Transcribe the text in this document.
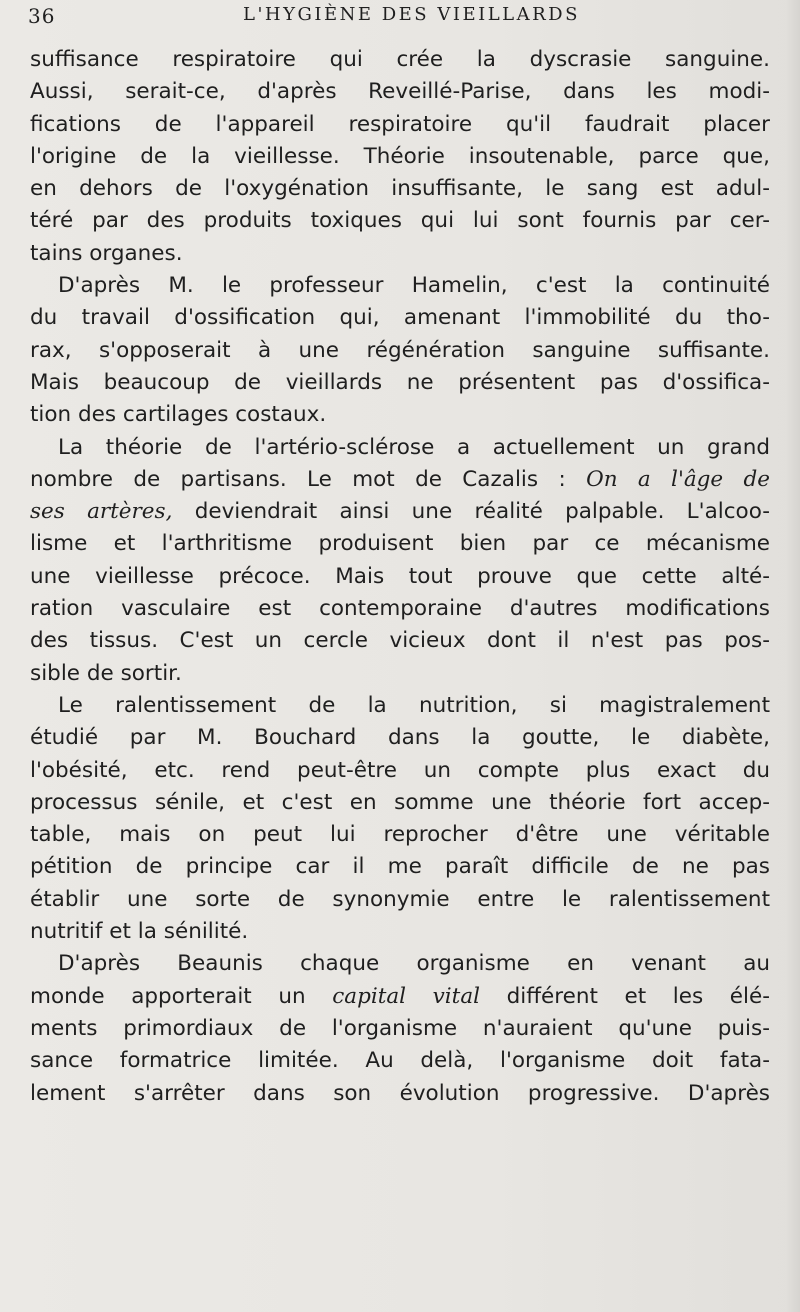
36	L'HYGIÈNE DES VIEILLARDS
suffisance respiratoire qui crée la dyscrasie sanguine.
Aussi, serait-ce, d'après Reveillé-Parise, dans les modi-
fications de l'appareil respiratoire qu'il faudrait placer
l'origine de la vieillesse. Théorie insoutenable, parce que,
en dehors de l'oxygénation insuffisante, le sang est adul-
téré par des produits toxiques qui lui sont fournis par cer-
tains organes.
D'après M. le professeur Hamelin, c'est la continuité
du travail d'ossification qui, amenant l'immobilité du tho-
rax, s'opposerait à une régénération sanguine suffisante.
Mais beaucoup de vieillards ne présentent pas d'ossifica-
tion des cartilages costaux.
La théorie de l'artério-sclérose a actuellement un grand
nombre de partisans. Le mot de Cazalis : On a l'âge de
ses artères, deviendrait ainsi une réalité palpable. L'alcoo-
lisme et l'arthritisme produisent bien par ce mécanisme
une vieillesse précoce. Mais tout prouve que cette alté-
ration vasculaire est contemporaine d'autres modifications
des tissus. C'est un cercle vicieux dont il n'est pas pos-
sible de sortir.
Le ralentissement de la nutrition, si magistralement
étudié par M. Bouchard dans la goutte, le diabète,
l'obésité, etc. rend peut-être un compte plus exact du
processus sénile, et c'est en somme une théorie fort accep-
table, mais on peut lui reprocher d'être une véritable
pétition de principe car il me paraît difficile de ne pas
établir une sorte de synonymie entre le ralentissement
nutritif et la sénilité.
D'après Beaunis chaque organisme en venant au
monde apporterait un capital vital différent et les élé-
ments primordiaux de l'organisme n'auraient qu'une puis-
sance formatrice limitée. Au delà, l'organisme doit fata-
lement s'arrêter dans son évolution progressive. D'après
